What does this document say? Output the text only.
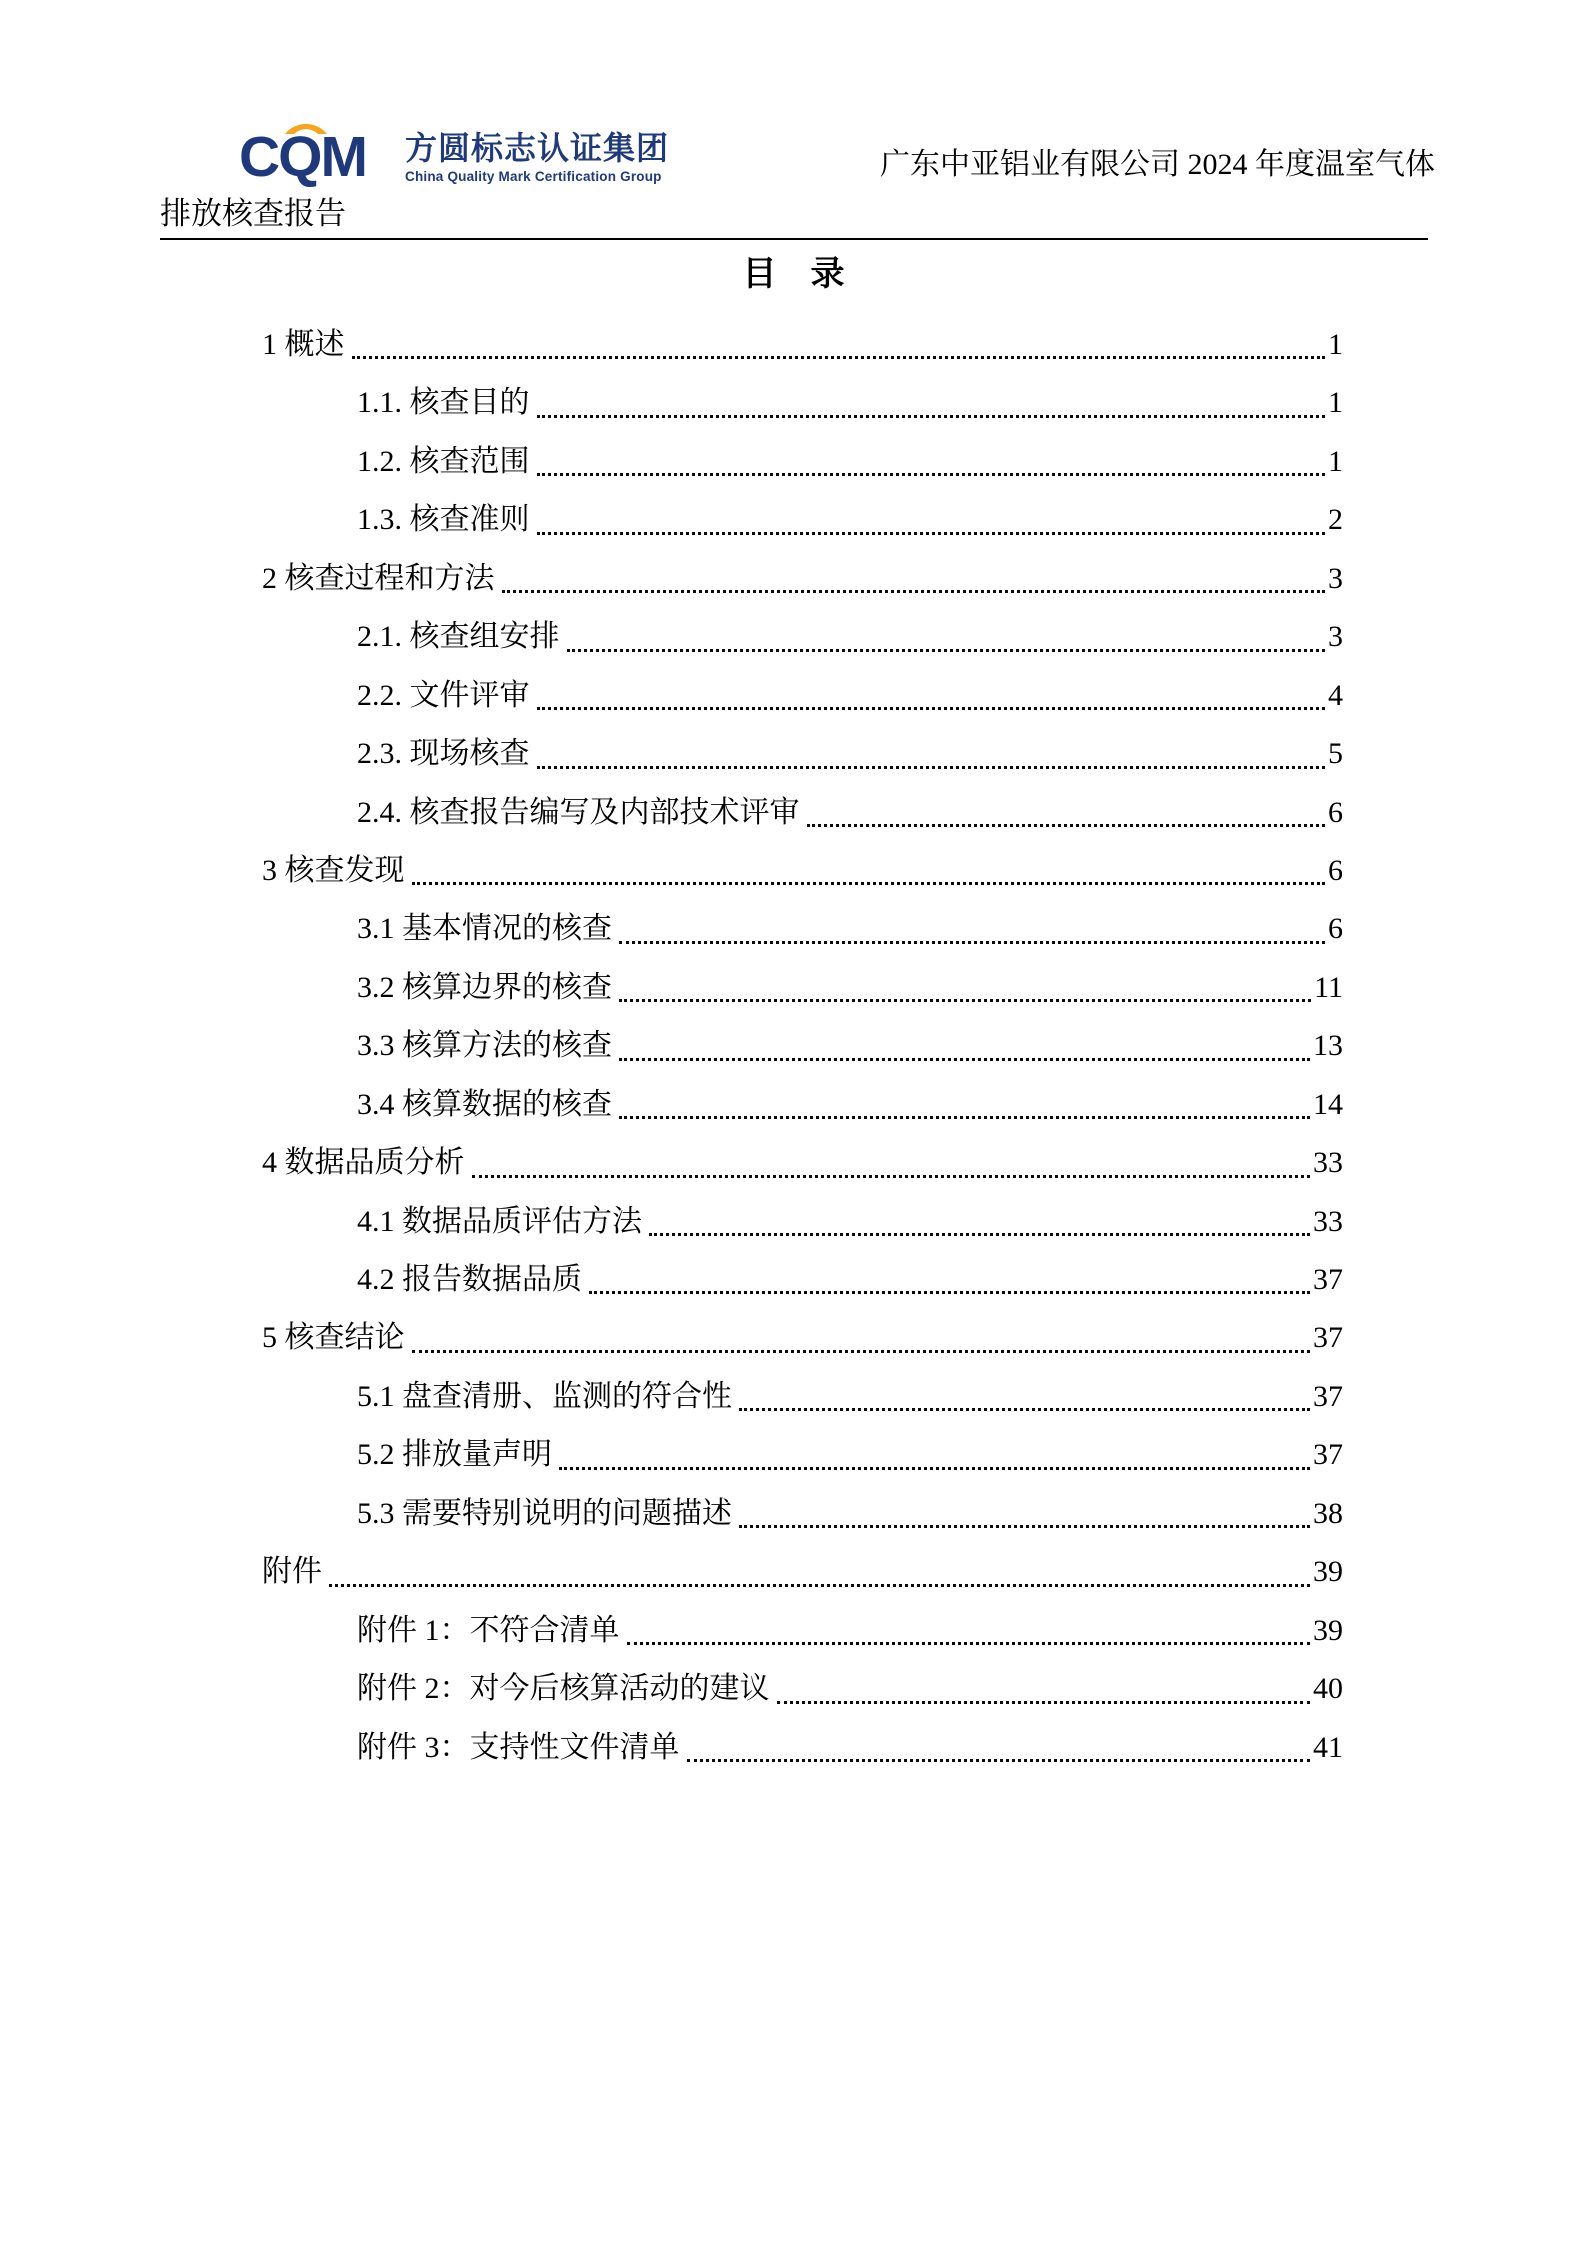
CQM 方圆标志认证集团
China Quality Mark Certification Group	广东中亚铝业有限公司 2024 年度温室气体
排放核查报告
目　录
1 概述	1
1.1. 核查目的	1
1.2. 核查范围	1
1.3. 核查准则	2
2 核查过程和方法	3
2.1. 核查组安排	3
2.2. 文件评审	4
2.3. 现场核查	5
2.4. 核查报告编写及内部技术评审	6
3 核查发现	6
3.1 基本情况的核查	6
3.2 核算边界的核查	11
3.3 核算方法的核查	13
3.4 核算数据的核查	14
4 数据品质分析	33
4.1 数据品质评估方法	33
4.2 报告数据品质	37
5 核查结论	37
5.1 盘查清册、监测的符合性	37
5.2 排放量声明	37
5.3 需要特别说明的问题描述	38
附件	39
附件 1：不符合清单	39
附件 2：对今后核算活动的建议	40
附件 3：支持性文件清单	41
